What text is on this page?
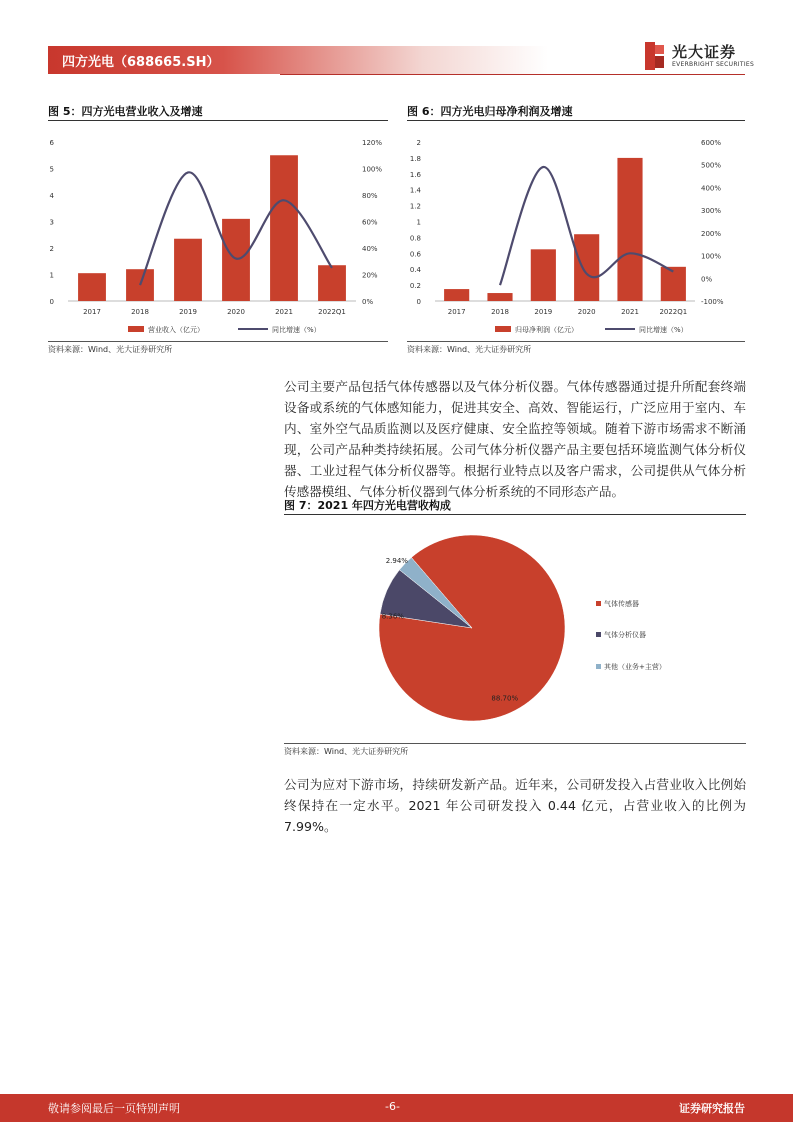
四方光电（688665.SH）
光大证券
EVERBRIGHT SECURITIES
图 5：四方光电营业收入及增速
0
1
2
3
4
5
6
0%
20%
40%
60%
80%
100%
120%
2017	2018	2019	2020	2021	2022Q1
营业收入（亿元）	同比增速（%）
资料来源：Wind、光大证券研究所
图 6：四方光电归母净利润及增速
0
0.2
0.4
0.6
0.8
1
1.2
1.4
1.6
1.8
2
-100%
0%
100%
200%
300%
400%
500%
600%
2017	2018	2019	2020	2021	2022Q1
归母净利润（亿元）	同比增速（%）
资料来源：Wind、光大证券研究所
公司主要产品包括气体传感器以及气体分析仪器。气体传感器通过提升所配套终端设备或系统的气体感知能力，促进其安全、高效、智能运行，广泛应用于室内、车内、室外空气品质监测以及医疗健康、安全监控等领域。随着下游市场需求不断涌现，公司产品种类持续拓展。公司气体分析仪器产品主要包括环境监测气体分析仪器、工业过程气体分析仪器等。根据行业特点以及客户需求，公司提供从气体分析传感器模组、气体分析仪器到气体分析系统的不同形态产品。
图 7：2021 年四方光电营收构成
88.70%
8.36%
2.94%
气体传感器
气体分析仪器
其他（业务+主营）
资料来源：Wind、光大证券研究所
公司为应对下游市场，持续研发新产品。近年来，公司研发投入占营业收入比例始终保持在一定水平。2021 年公司研发投入 0.44 亿元，占营业收入的比例为 7.99%。
敬请参阅最后一页特别声明	-6-	证券研究报告
